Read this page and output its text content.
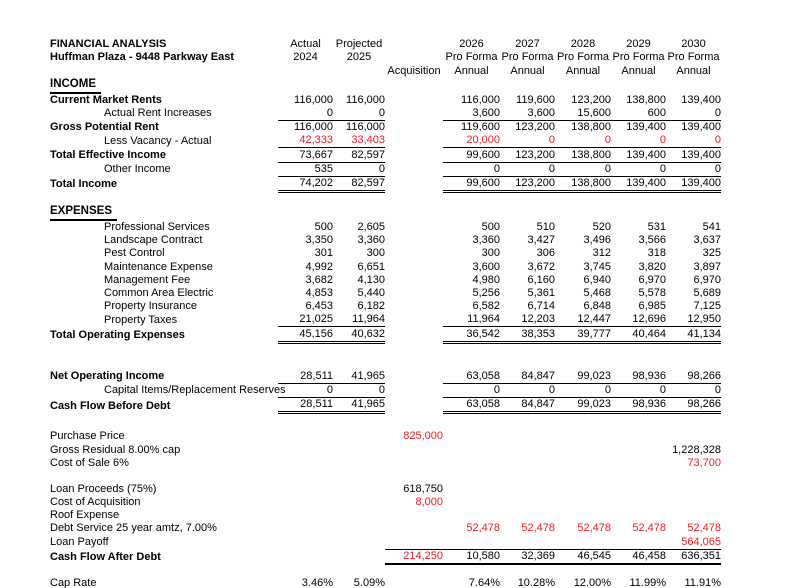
FINANCIAL ANALYSIS	Actual	Projected		2026	2027	2028	2029	2030
Huffman Plaza - 9448 Parkway East	2024	2025		Pro Forma	Pro Forma	Pro Forma	Pro Forma	Pro Forma
			Acquisition	Annual	Annual	Annual	Annual	Annual
INCOME								
Current Market Rents	116,000	116,000		116,000	119,600	123,200	138,800	139,400
Actual Rent Increases	0	0		3,600	3,600	15,600	600	0
Gross Potential Rent	116,000	116,000		119,600	123,200	138,800	139,400	139,400
Less Vacancy - Actual	42,333	33,403		20,000	0	0	0	0
Total Effective Income	73,667	82,597		99,600	123,200	138,800	139,400	139,400
Other Income	535	0		0	0	0	0	0
Total Income	74,202	82,597		99,600	123,200	138,800	139,400	139,400

EXPENSES								
Professional Services	500	2,605		500	510	520	531	541
Landscape Contract	3,350	3,360		3,360	3,427	3,496	3,566	3,637
Pest Control	301	300		300	306	312	318	325
Maintenance Expense	4,992	6,651		3,600	3,672	3,745	3,820	3,897
Management Fee	3,682	4,130		4,980	6,160	6,940	6,970	6,970
Common Area Electric	4,853	5,440		5,256	5,361	5,468	5,578	5,689
Property Insurance	6,453	6,182		6,582	6,714	6,848	6,985	7,125
Property Taxes	21,025	11,964		11,964	12,203	12,447	12,696	12,950
Total Operating Expenses	45,156	40,632		36,542	38,353	39,777	40,464	41,134

Net Operating Income	28,511	41,965		63,058	84,847	99,023	98,936	98,266
Capital Items/Replacement Reserves	0	0		0	0	0	0	0
Cash Flow Before Debt	28,511	41,965		63,058	84,847	99,023	98,936	98,266

Purchase Price			825,000					
Gross Residual 8.00% cap								1,228,328
Cost of Sale 6%								73,700

Loan Proceeds (75%)			618,750					
Cost of Acquisition			8,000					
Roof Expense								
Debt Service 25 year amtz, 7.00%				52,478	52,478	52,478	52,478	52,478
Loan Payoff								564,065
Cash Flow After Debt			214,250	10,580	32,369	46,545	46,458	636,351

Cap Rate	3.46%	5.09%		7.64%	10.28%	12.00%	11.99%	11.91%
